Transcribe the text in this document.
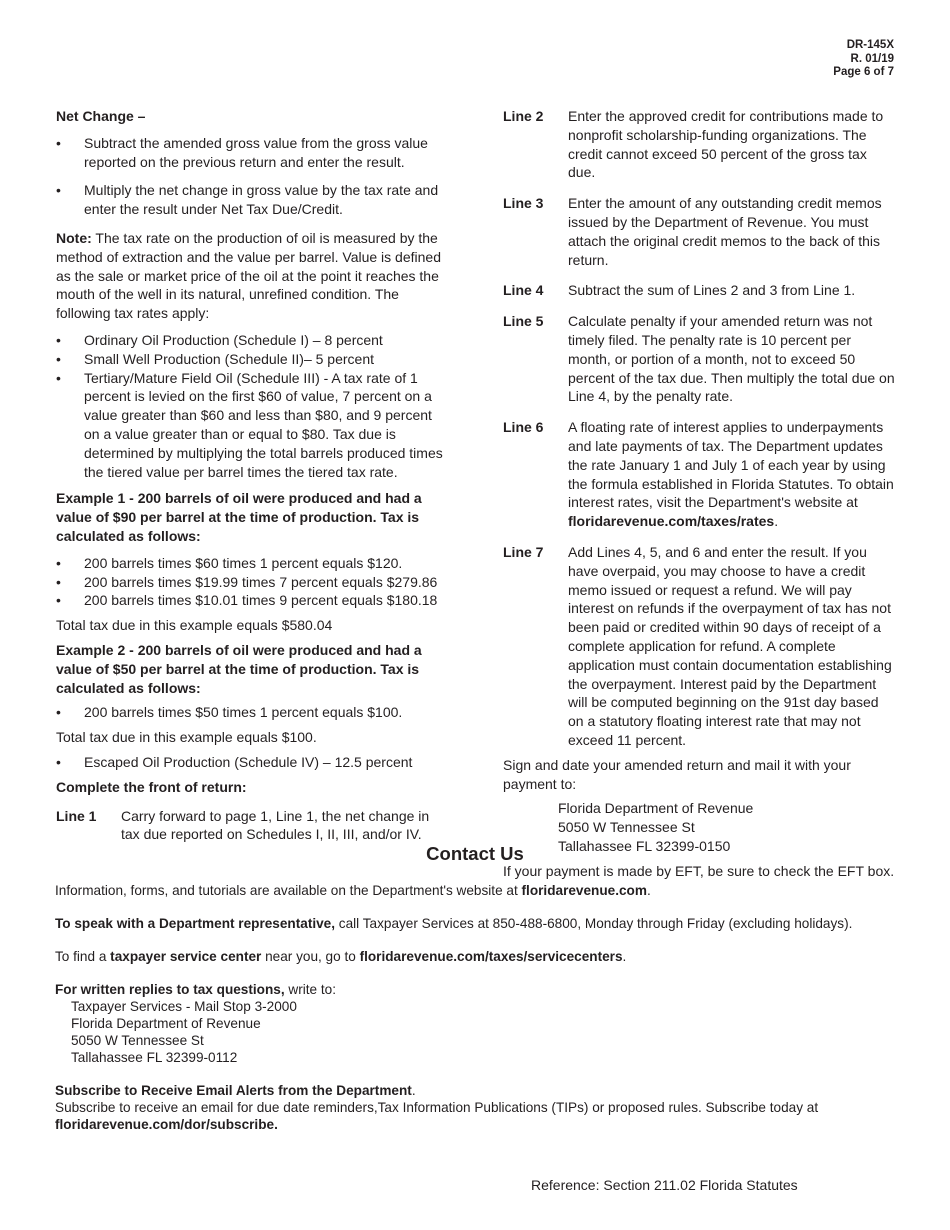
DR-145X
R. 01/19
Page 6 of 7

Net Change –

• Subtract the amended gross value from the gross value reported on the previous return and enter the result.
• Multiply the net change in gross value by the tax rate and enter the result under Net Tax Due/Credit.

Note: The tax rate on the production of oil is measured by the method of extraction and the value per barrel. Value is defined as the sale or market price of the oil at the point it reaches the mouth of the well in its natural, unrefined condition. The following tax rates apply:

• Ordinary Oil Production (Schedule I) – 8 percent
• Small Well Production (Schedule II)– 5 percent
• Tertiary/Mature Field Oil (Schedule III) - A tax rate of 1 percent is levied on the first $60 of value, 7 percent on a value greater than $60 and less than $80, and 9 percent on a value greater than or equal to $80. Tax due is determined by multiplying the total barrels produced times the tiered value per barrel times the tiered tax rate.

Example 1 - 200 barrels of oil were produced and had a value of $90 per barrel at the time of production. Tax is calculated as follows:

• 200 barrels times $60 times 1 percent equals $120.
• 200 barrels times $19.99 times 7 percent equals $279.86
• 200 barrels times $10.01 times 9 percent equals $180.18

Total tax due in this example equals $580.04

Example 2 - 200 barrels of oil were produced and had a value of $50 per barrel at the time of production. Tax is calculated as follows:

• 200 barrels times $50 times 1 percent equals $100.

Total tax due in this example equals $100.

• Escaped Oil Production (Schedule IV) – 12.5 percent

Complete the front of return:

Line 1	Carry forward to page 1, Line 1, the net change in tax due reported on Schedules I, II, III, and/or IV.
Line 2	Enter the approved credit for contributions made to nonprofit scholarship-funding organizations. The credit cannot exceed 50 percent of the gross tax due.
Line 3	Enter the amount of any outstanding credit memos issued by the Department of Revenue. You must attach the original credit memos to the back of this return.
Line 4	Subtract the sum of Lines 2 and 3 from Line 1.
Line 5	Calculate penalty if your amended return was not timely filed. The penalty rate is 10 percent per month, or portion of a month, not to exceed 50 percent of the tax due. Then multiply the total due on Line 4, by the penalty rate.
Line 6	A floating rate of interest applies to underpayments and late payments of tax. The Department updates the rate January 1 and July 1 of each year by using the formula established in Florida Statutes. To obtain interest rates, visit the Department's website at floridarevenue.com/taxes/rates.
Line 7	Add Lines 4, 5, and 6 and enter the result. If you have overpaid, you may choose to have a credit memo issued or request a refund. We will pay interest on refunds if the overpayment of tax has not been paid or credited within 90 days of receipt of a complete application for refund. A complete application must contain documentation establishing the overpayment. Interest paid by the Department will be computed beginning on the 91st day based on a statutory floating interest rate that may not exceed 11 percent.

Sign and date your amended return and mail it with your payment to:

Florida Department of Revenue
5050 W Tennessee St
Tallahassee FL 32399-0150

If your payment is made by EFT, be sure to check the EFT box.

Contact Us

Information, forms, and tutorials are available on the Department's website at floridarevenue.com.

To speak with a Department representative, call Taxpayer Services at 850-488-6800, Monday through Friday (excluding holidays).

To find a taxpayer service center near you, go to floridarevenue.com/taxes/servicecenters.

For written replies to tax questions, write to:
Taxpayer Services - Mail Stop 3-2000
Florida Department of Revenue
5050 W Tennessee St
Tallahassee FL 32399-0112
Subscribe to Receive Email Alerts from the Department.
Subscribe to receive an email for due date reminders,Tax Information Publications (TIPs) or proposed rules. Subscribe today at
floridarevenue.com/dor/subscribe.
Reference: Section 211.02 Florida Statutes
